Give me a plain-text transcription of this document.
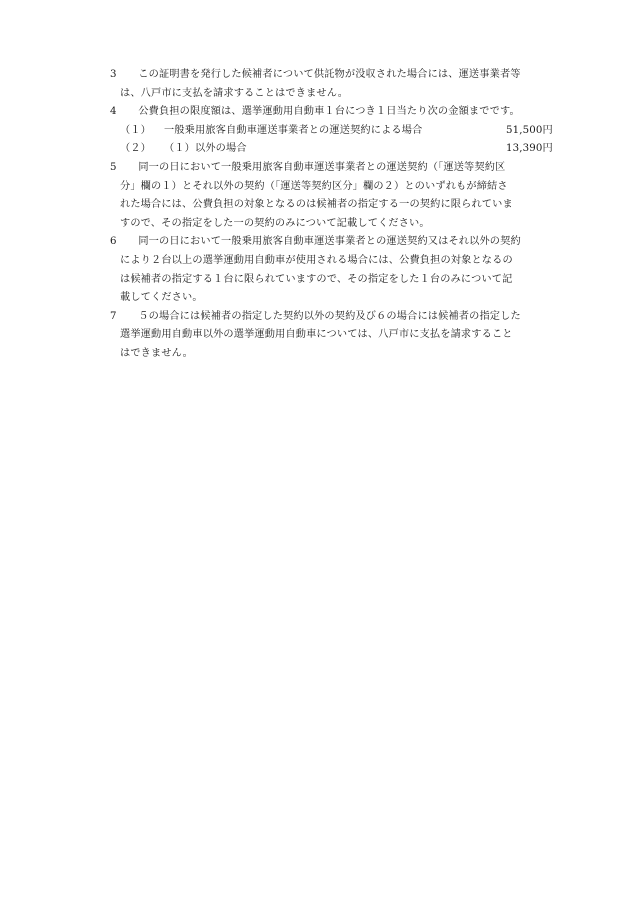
3	　この証明書を発行した候補者について供託物が没収された場合には、運送事業者等
は、八戸市に支払を請求することはできません。
4	　公費負担の限度額は、選挙運動用自動車１台につき１日当たり次の金額までです。
（１）	一般乗用旅客自動車運送事業者との運送契約による場合	51,500円
（２）	（１）以外の場合	13,390円
5	　同一の日において一般乗用旅客自動車運送事業者との運送契約（「運送等契約区
分」欄の１）とそれ以外の契約（「運送等契約区分」欄の２）とのいずれもが締結さ
れた場合には、公費負担の対象となるのは候補者の指定する一の契約に限られていま
すので、その指定をした一の契約のみについて記載してください。
6	　同一の日において一般乗用旅客自動車運送事業者との運送契約又はそれ以外の契約
により２台以上の選挙運動用自動車が使用される場合には、公費負担の対象となるの
は候補者の指定する１台に限られていますので、その指定をした１台のみについて記
載してください。
7	　５の場合には候補者の指定した契約以外の契約及び６の場合には候補者の指定した
選挙運動用自動車以外の選挙運動用自動車については、八戸市に支払を請求すること
はできません。
